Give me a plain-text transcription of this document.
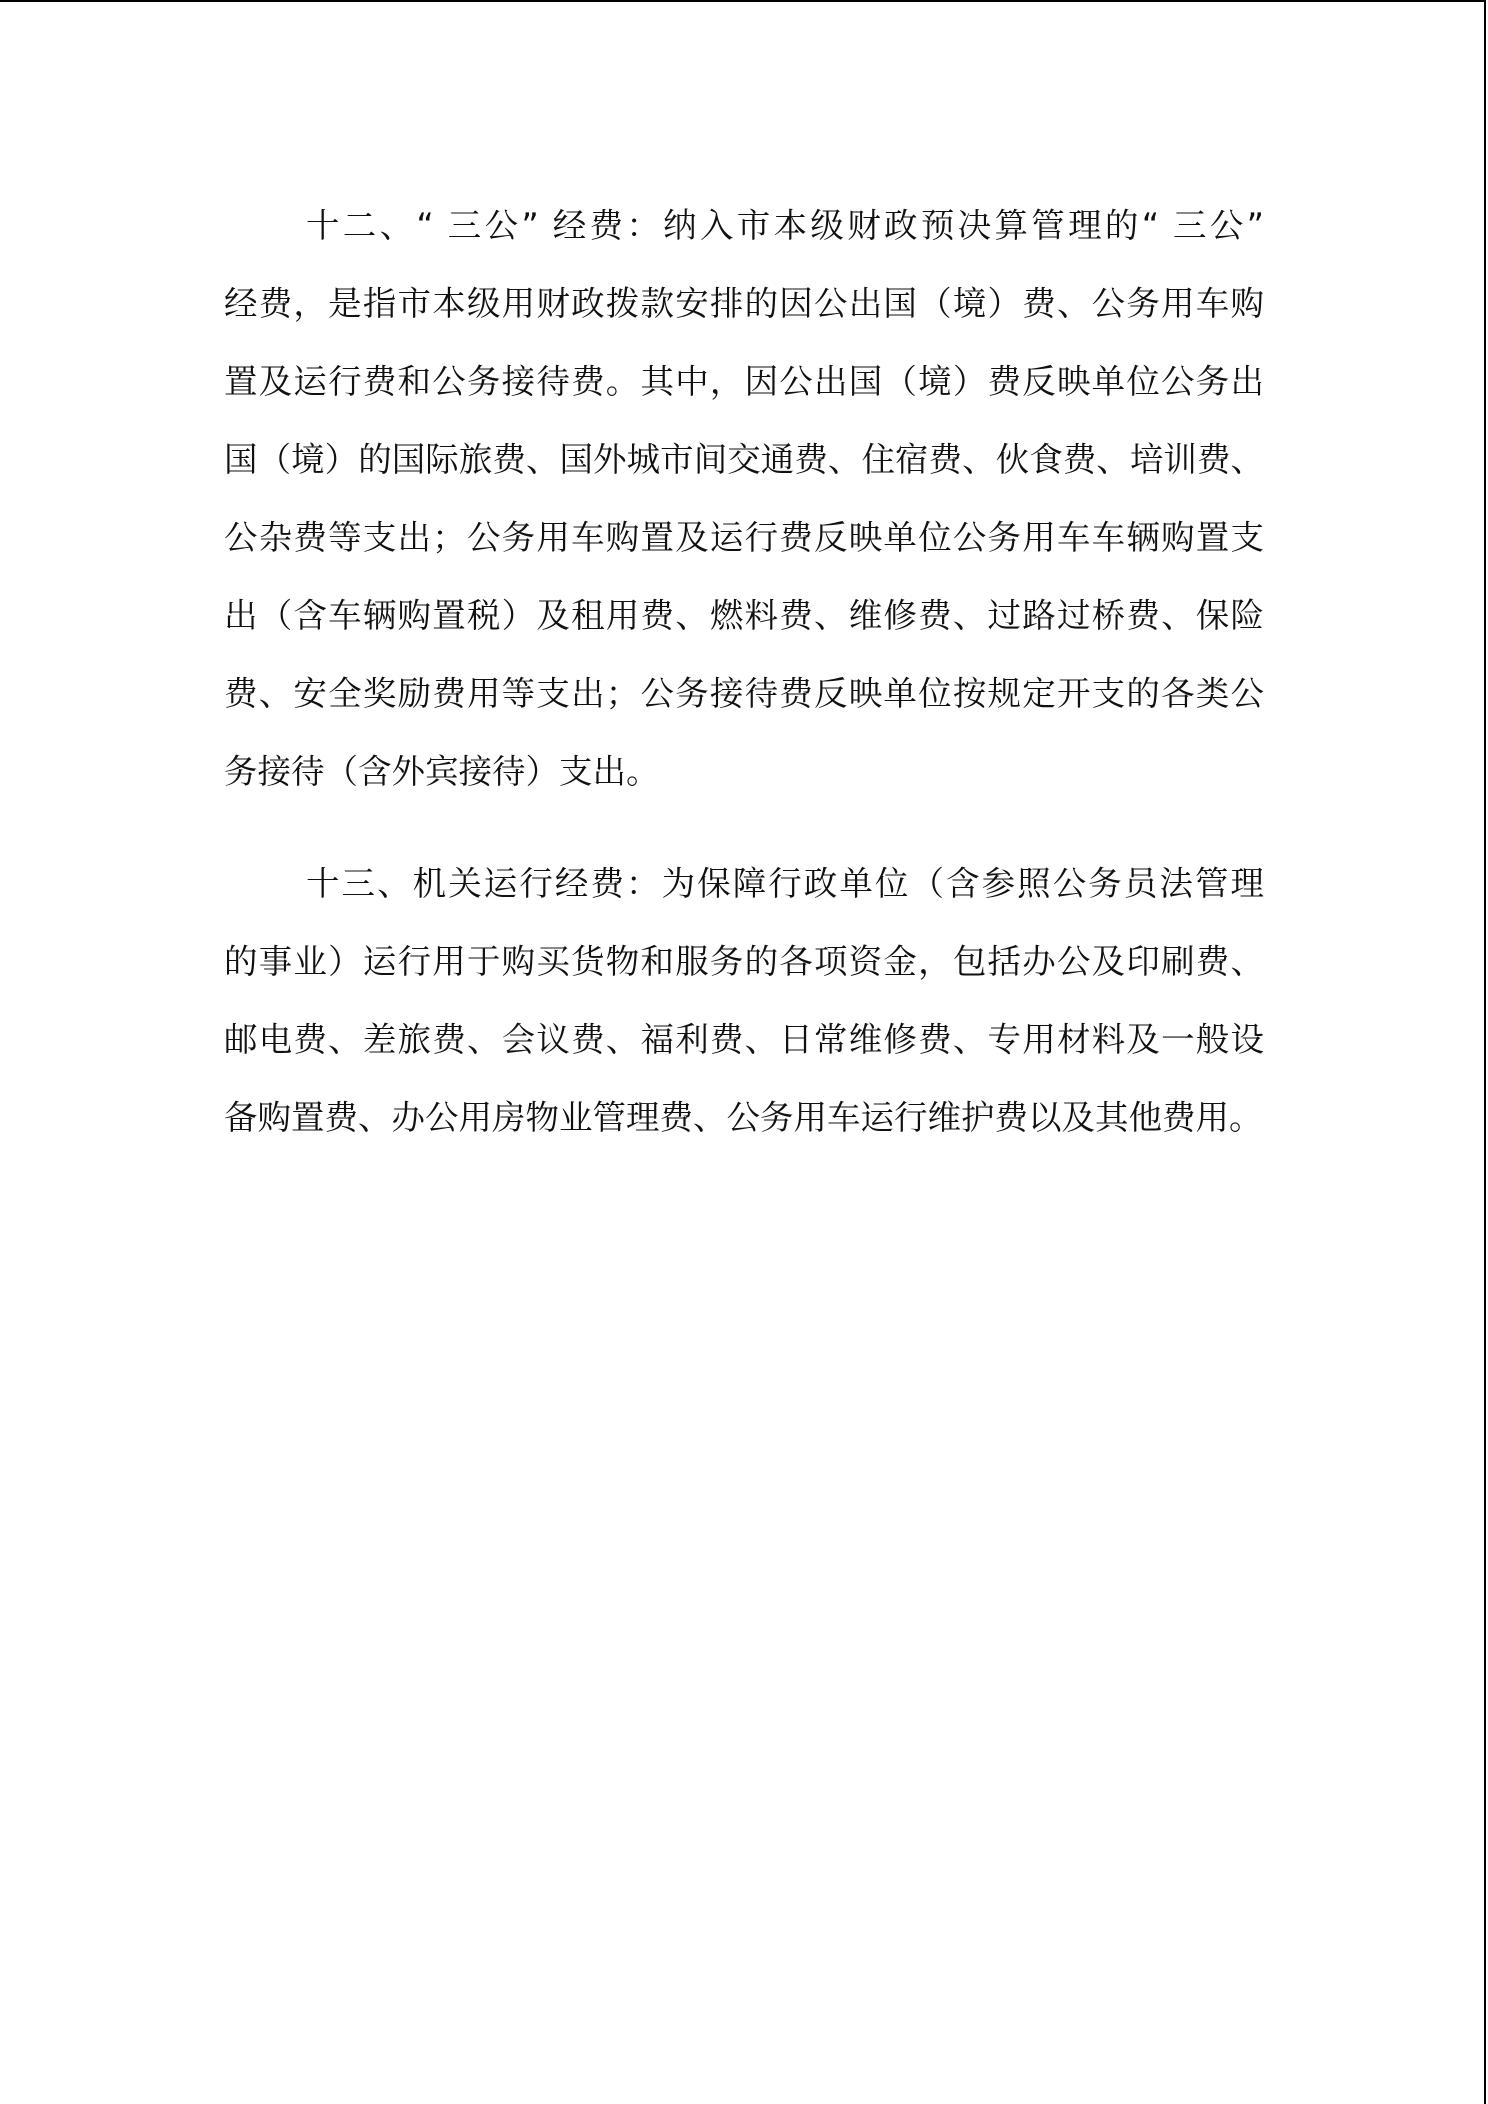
十二、“ 三公” 经费：纳入市本级财政预决算管理的“ 三公”
经费，是指市本级用财政拨款安排的因公出国（境）费、公务用车购
置及运行费和公务接待费。其中，因公出国（境）费反映单位公务出
国（境）的国际旅费、国外城市间交通费、住宿费、伙食费、培训费、
公杂费等支出；公务用车购置及运行费反映单位公务用车车辆购置支
出（含车辆购置税）及租用费、燃料费、维修费、过路过桥费、保险
费、安全奖励费用等支出；公务接待费反映单位按规定开支的各类公
务接待（含外宾接待）支出。
十三、机关运行经费：为保障行政单位（含参照公务员法管理
的事业）运行用于购买货物和服务的各项资金，包括办公及印刷费、
邮电费、差旅费、会议费、福利费、日常维修费、专用材料及一般设
备购置费、办公用房物业管理费、公务用车运行维护费以及其他费用。
